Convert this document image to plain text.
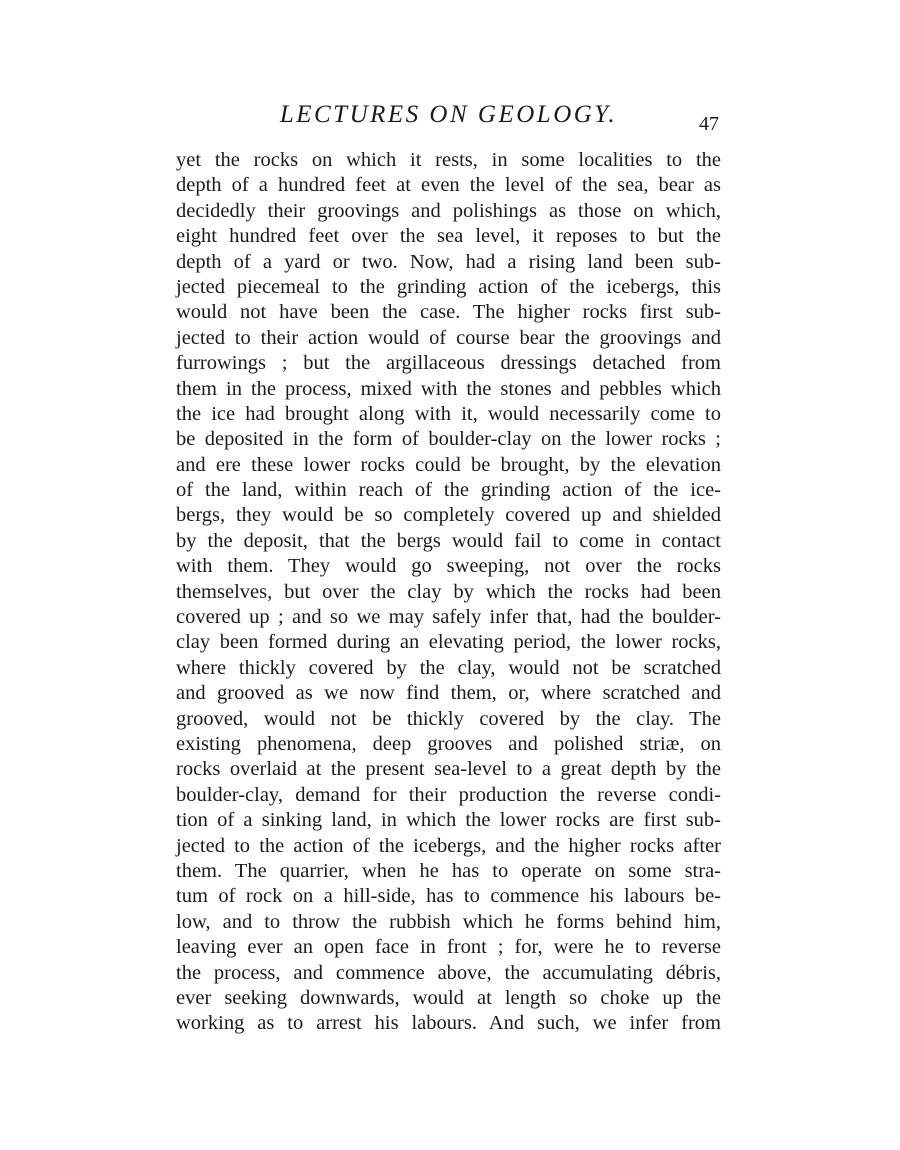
LECTURES ON GEOLOGY.	47
yet the rocks on which it rests, in some localities to the
depth of a hundred feet at even the level of the sea, bear as
decidedly their groovings and polishings as those on which,
eight hundred feet over the sea level, it reposes to but the
depth of a yard or two. Now, had a rising land been sub-
jected piecemeal to the grinding action of the icebergs, this
would not have been the case. The higher rocks first sub-
jected to their action would of course bear the groovings and
furrowings ; but the argillaceous dressings detached from
them in the process, mixed with the stones and pebbles which
the ice had brought along with it, would necessarily come to
be deposited in the form of boulder-clay on the lower rocks ;
and ere these lower rocks could be brought, by the elevation
of the land, within reach of the grinding action of the ice-
bergs, they would be so completely covered up and shielded
by the deposit, that the bergs would fail to come in contact
with them. They would go sweeping, not over the rocks
themselves, but over the clay by which the rocks had been
covered up ; and so we may safely infer that, had the boulder-
clay been formed during an elevating period, the lower rocks,
where thickly covered by the clay, would not be scratched
and grooved as we now find them, or, where scratched and
grooved, would not be thickly covered by the clay. The
existing phenomena, deep grooves and polished striæ, on
rocks overlaid at the present sea-level to a great depth by the
boulder-clay, demand for their production the reverse condi-
tion of a sinking land, in which the lower rocks are first sub-
jected to the action of the icebergs, and the higher rocks after
them. The quarrier, when he has to operate on some stra-
tum of rock on a hill-side, has to commence his labours be-
low, and to throw the rubbish which he forms behind him,
leaving ever an open face in front ; for, were he to reverse
the process, and commence above, the accumulating débris,
ever seeking downwards, would at length so choke up the
working as to arrest his labours. And such, we infer from
